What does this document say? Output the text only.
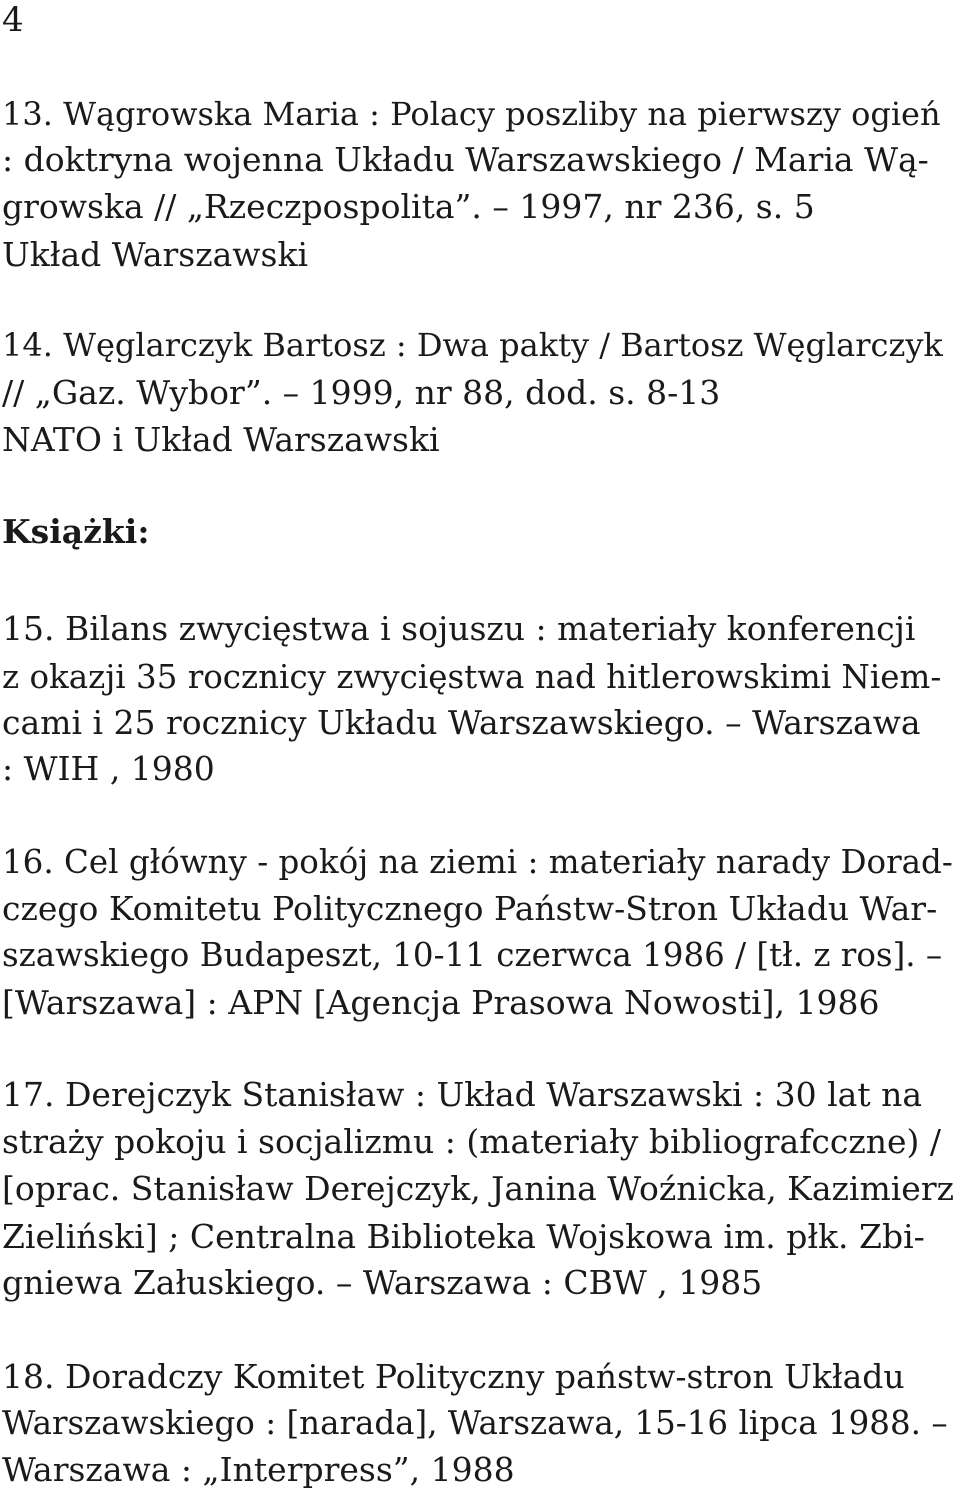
4
13. Wągrowska Maria : Polacy poszliby na pierwszy ogień
: doktryna wojenna Układu Warszawskiego / Maria Wą-
growska // „Rzeczpospolita”. – 1997, nr 236, s. 5
Układ Warszawski
14. Węglarczyk Bartosz : Dwa pakty / Bartosz Węglarczyk
// „Gaz. Wybor”. – 1999, nr 88, dod. s. 8-13
NATO i Układ Warszawski
Książki:
15. Bilans zwycięstwa i sojuszu : materiały konferencji
z okazji 35 rocznicy zwycięstwa nad hitlerowskimi Niem-
cami i 25 rocznicy Układu Warszawskiego. – Warszawa
: WIH , 1980
16. Cel główny - pokój na ziemi : materiały narady Dorad-
czego Komitetu Politycznego Państw-Stron Układu War-
szawskiego Budapeszt, 10-11 czerwca 1986 / [tł. z ros]. –
[Warszawa] : APN [Agencja Prasowa Nowosti], 1986
17. Derejczyk Stanisław : Układ Warszawski : 30 lat na
straży pokoju i socjalizmu : (materiały bibliografcczne) /
[oprac. Stanisław Derejczyk, Janina Woźnicka, Kazimierz
Zieliński] ; Centralna Biblioteka Wojskowa im. płk. Zbi-
gniewa Załuskiego. – Warszawa : CBW , 1985
18. Doradczy Komitet Polityczny państw-stron Układu
Warszawskiego : [narada], Warszawa, 15-16 lipca 1988. –
Warszawa : „Interpress”, 1988
